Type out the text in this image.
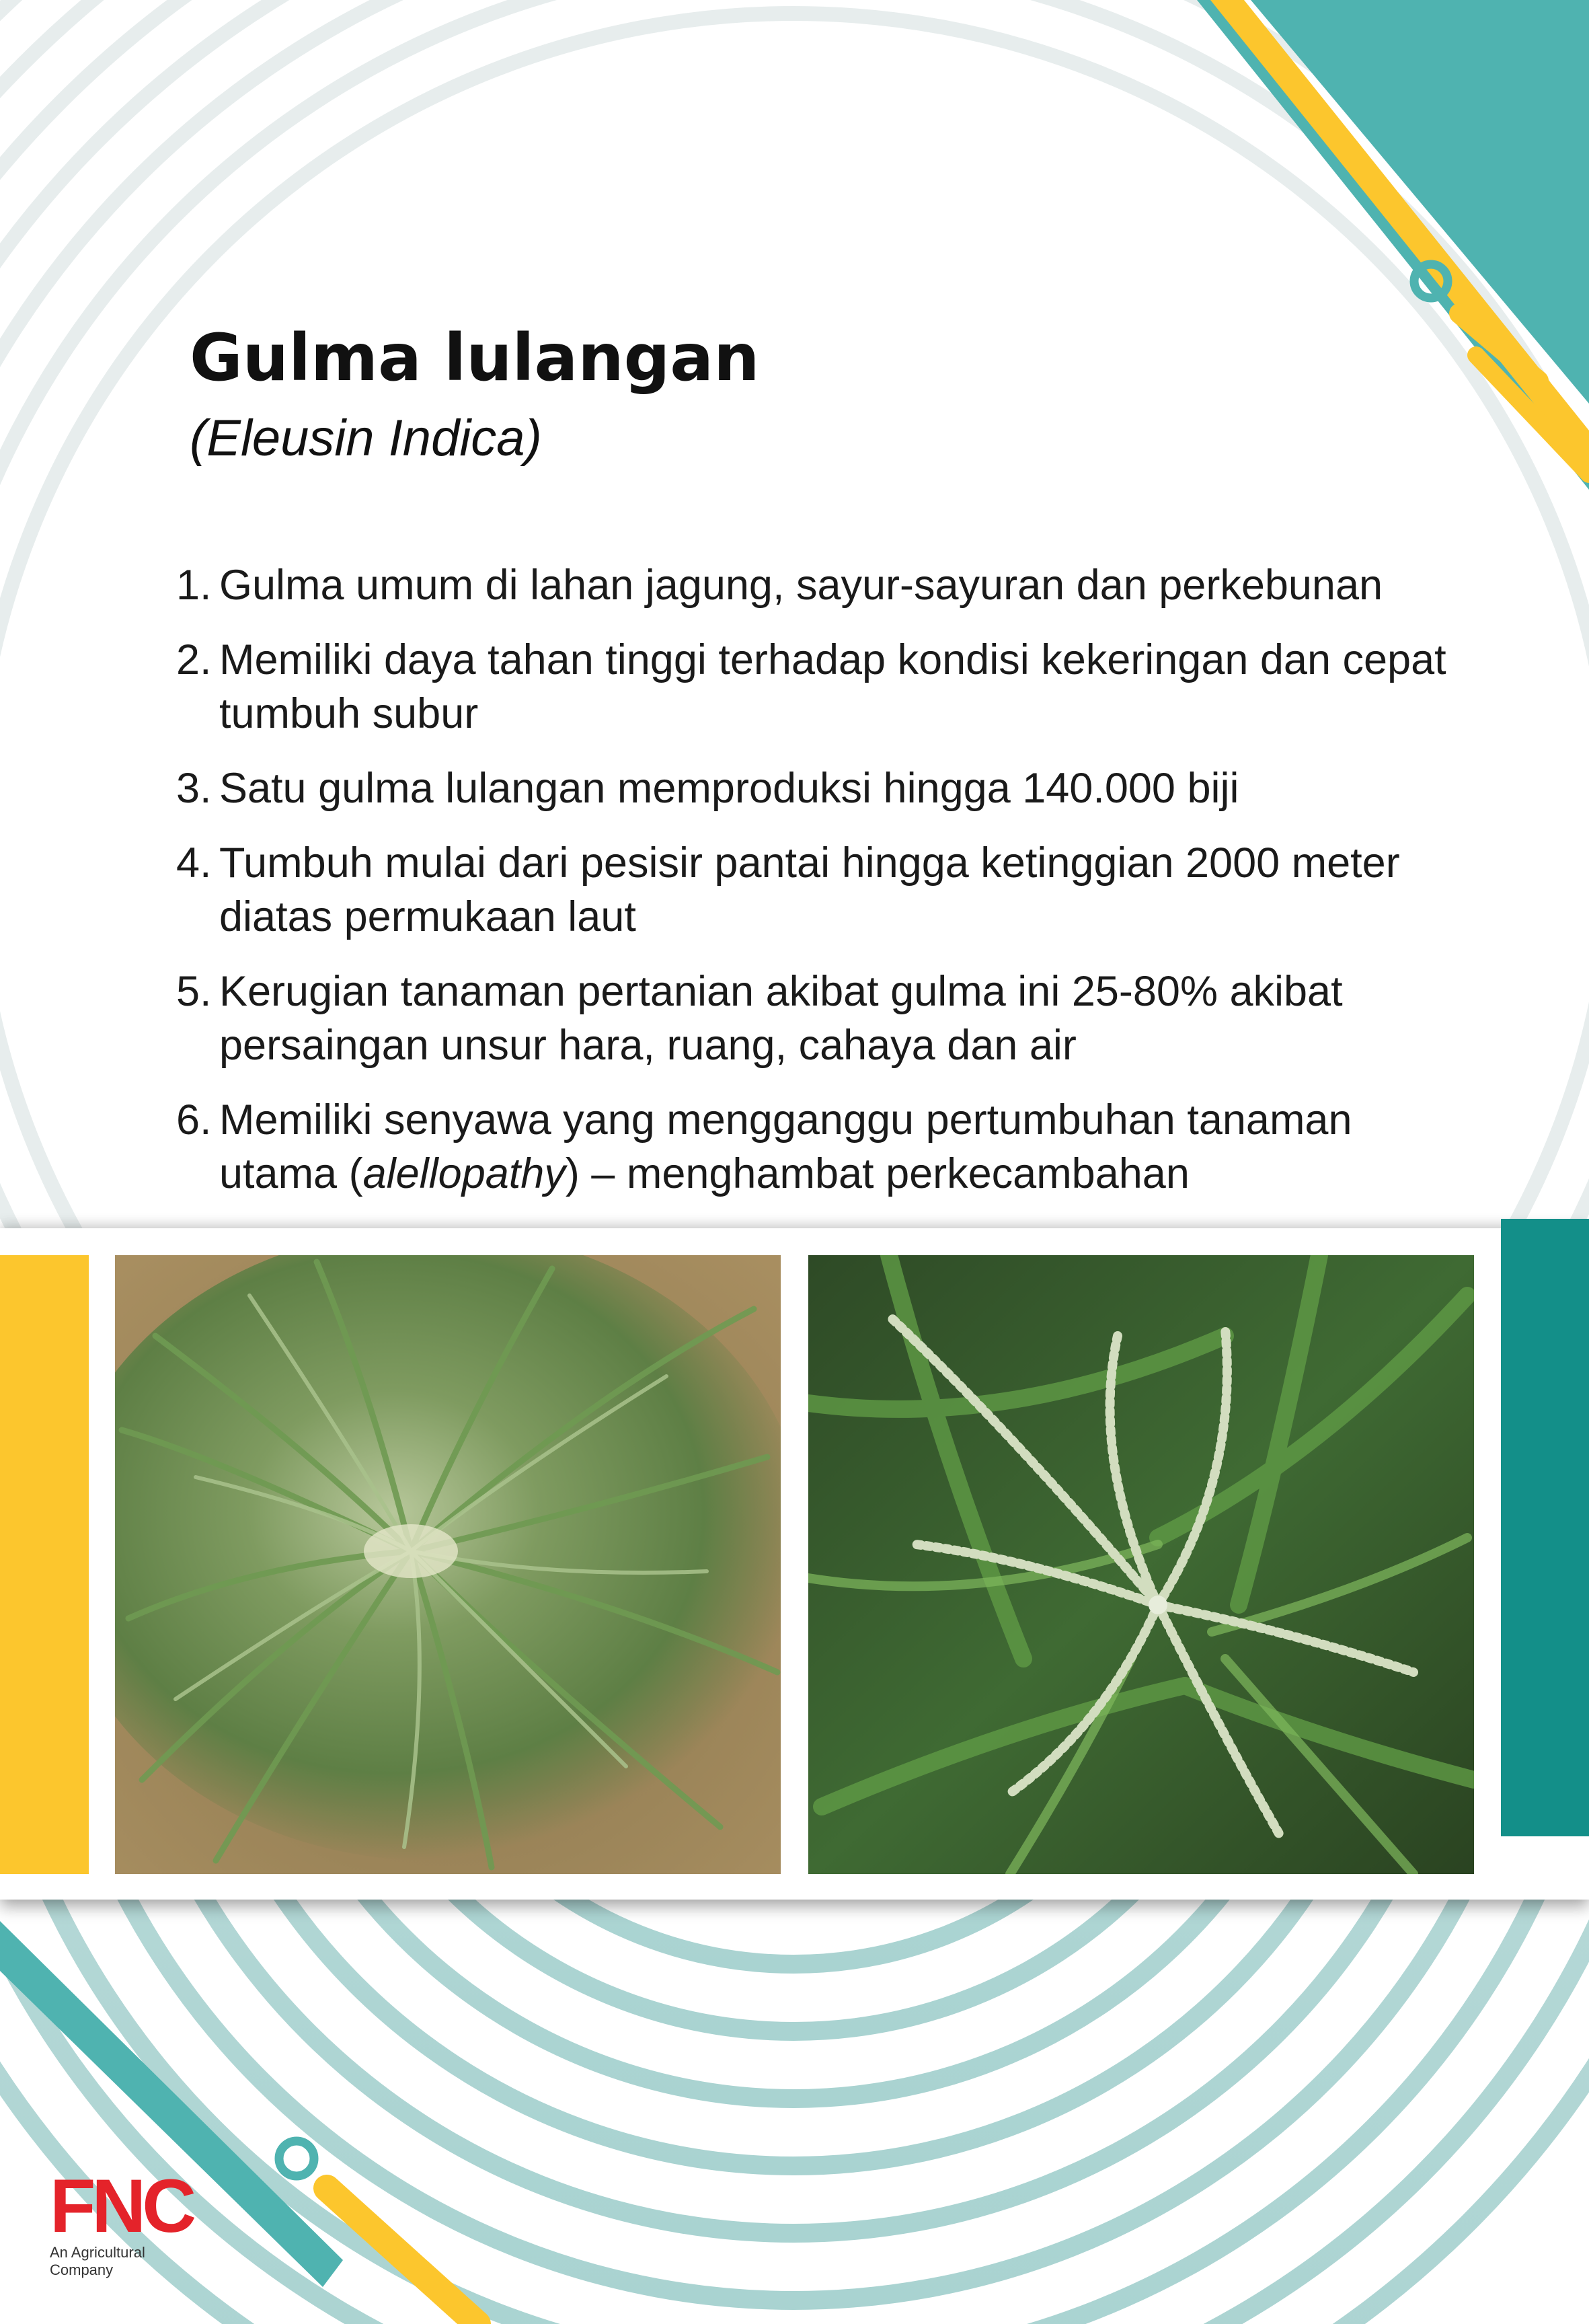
Gulma lulangan

(Eleusin Indica)

1. Gulma umum di lahan jagung, sayur-sayuran dan perkebunan
2. Memiliki daya tahan tinggi terhadap kondisi kekeringan dan cepat tumbuh subur
3. Satu gulma lulangan memproduksi hingga 140.000 biji
4. Tumbuh mulai dari pesisir pantai hingga ketinggian 2000 meter diatas permukaan laut
5. Kerugian tanaman pertanian akibat gulma ini 25-80% akibat persaingan unsur hara, ruang, cahaya dan air
6. Memiliki senyawa yang mengganggu pertumbuhan tanaman utama (alellopathy) – menghambat perkecambahan
FNC
An Agricultural Company
